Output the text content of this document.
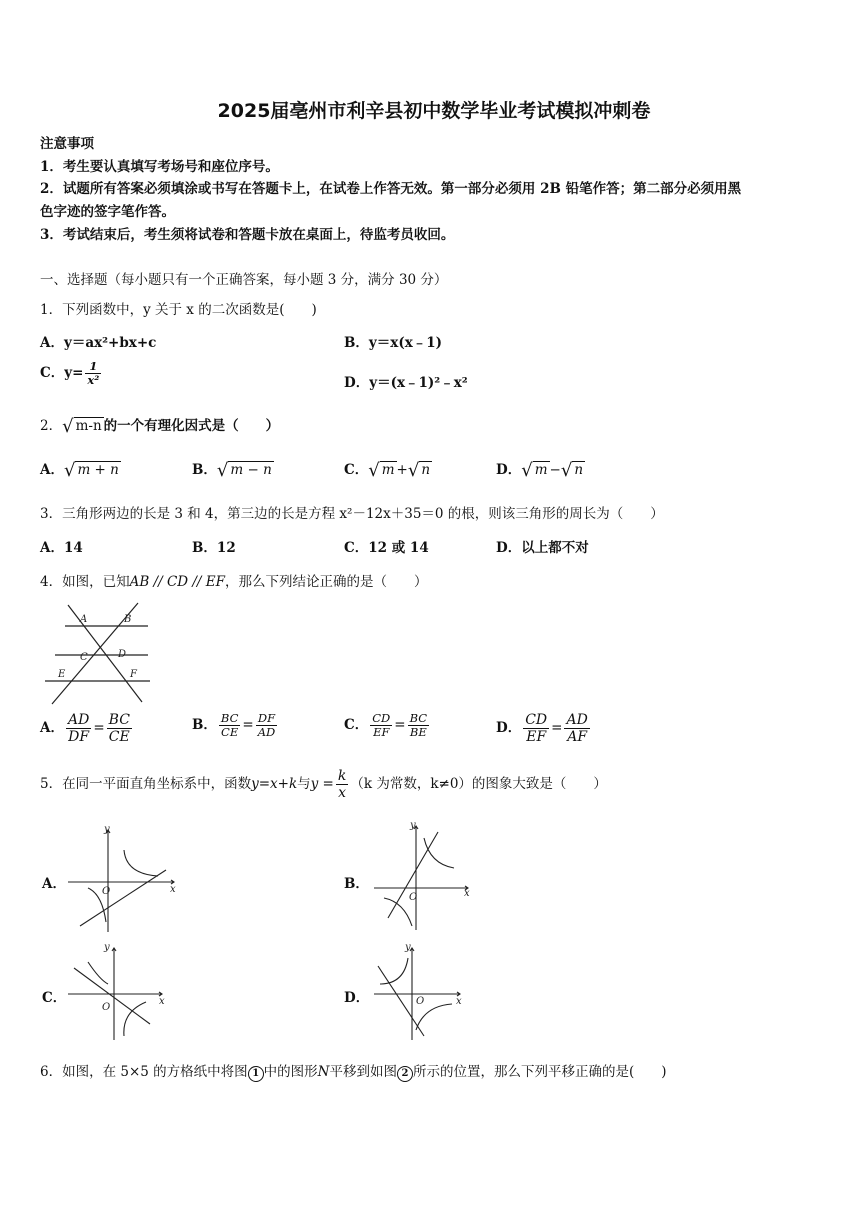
2025届亳州市利辛县初中数学毕业考试模拟冲刺卷
注意事项
1．考生要认真填写考场号和座位序号。
2．试题所有答案必须填涂或书写在答题卡上，在试卷上作答无效。第一部分必须用 2B 铅笔作答；第二部分必须用黑
色字迹的签字笔作答。
3．考试结束后，考生须将试卷和答题卡放在桌面上，待监考员收回。
一、选择题（每小题只有一个正确答案，每小题 3 分，满分 30 分）
1．下列函数中，y 关于 x 的二次函数是(　　)
A．y＝ax²+bx+c	B．y＝x(x﹣1)
C．$y= \frac{1}{\text{x²}}$	D．y＝(x﹣1)²﹣x²
2．√ m-n 的一个有理化因式是（　　）
A．√ m + n	B．√ m − n	C．√ m +√ n	D．√ m −√ n
3．三角形两边的长是 3 和 4，第三边的长是方程 x²－12x＋35＝0 的根，则该三角形的周长为（　　）
A．14	B．12	C．12 或 14	D．以上都不对
4．如图，已知AB // CD // EF，那么下列结论正确的是（　　）
A	B
C	D
E	F
A． $\frac{AD}{DF} = \frac{BC}{CE}$	B． $\frac{BC}{CE} = \frac{DF}{AD}$	C． $\frac{CD}{EF} = \frac{BC}{BE}$	D． $\frac{CD}{EF} = \frac{AD}{AF}$
5．在同一平面直角坐标系中，函数y=x+k与$y = \frac{k}{x} (k$ 为常数，k≠0）的图象大致是（　　）
A．	x
y
O	B．
x
y
O
C．	x
y
O
D．	x
y
O
6．如图，在 5×5 的方格纸中将图 1 中的图形N平移到如图 2 所示的位置，那么下列平移正确的是(　　)
